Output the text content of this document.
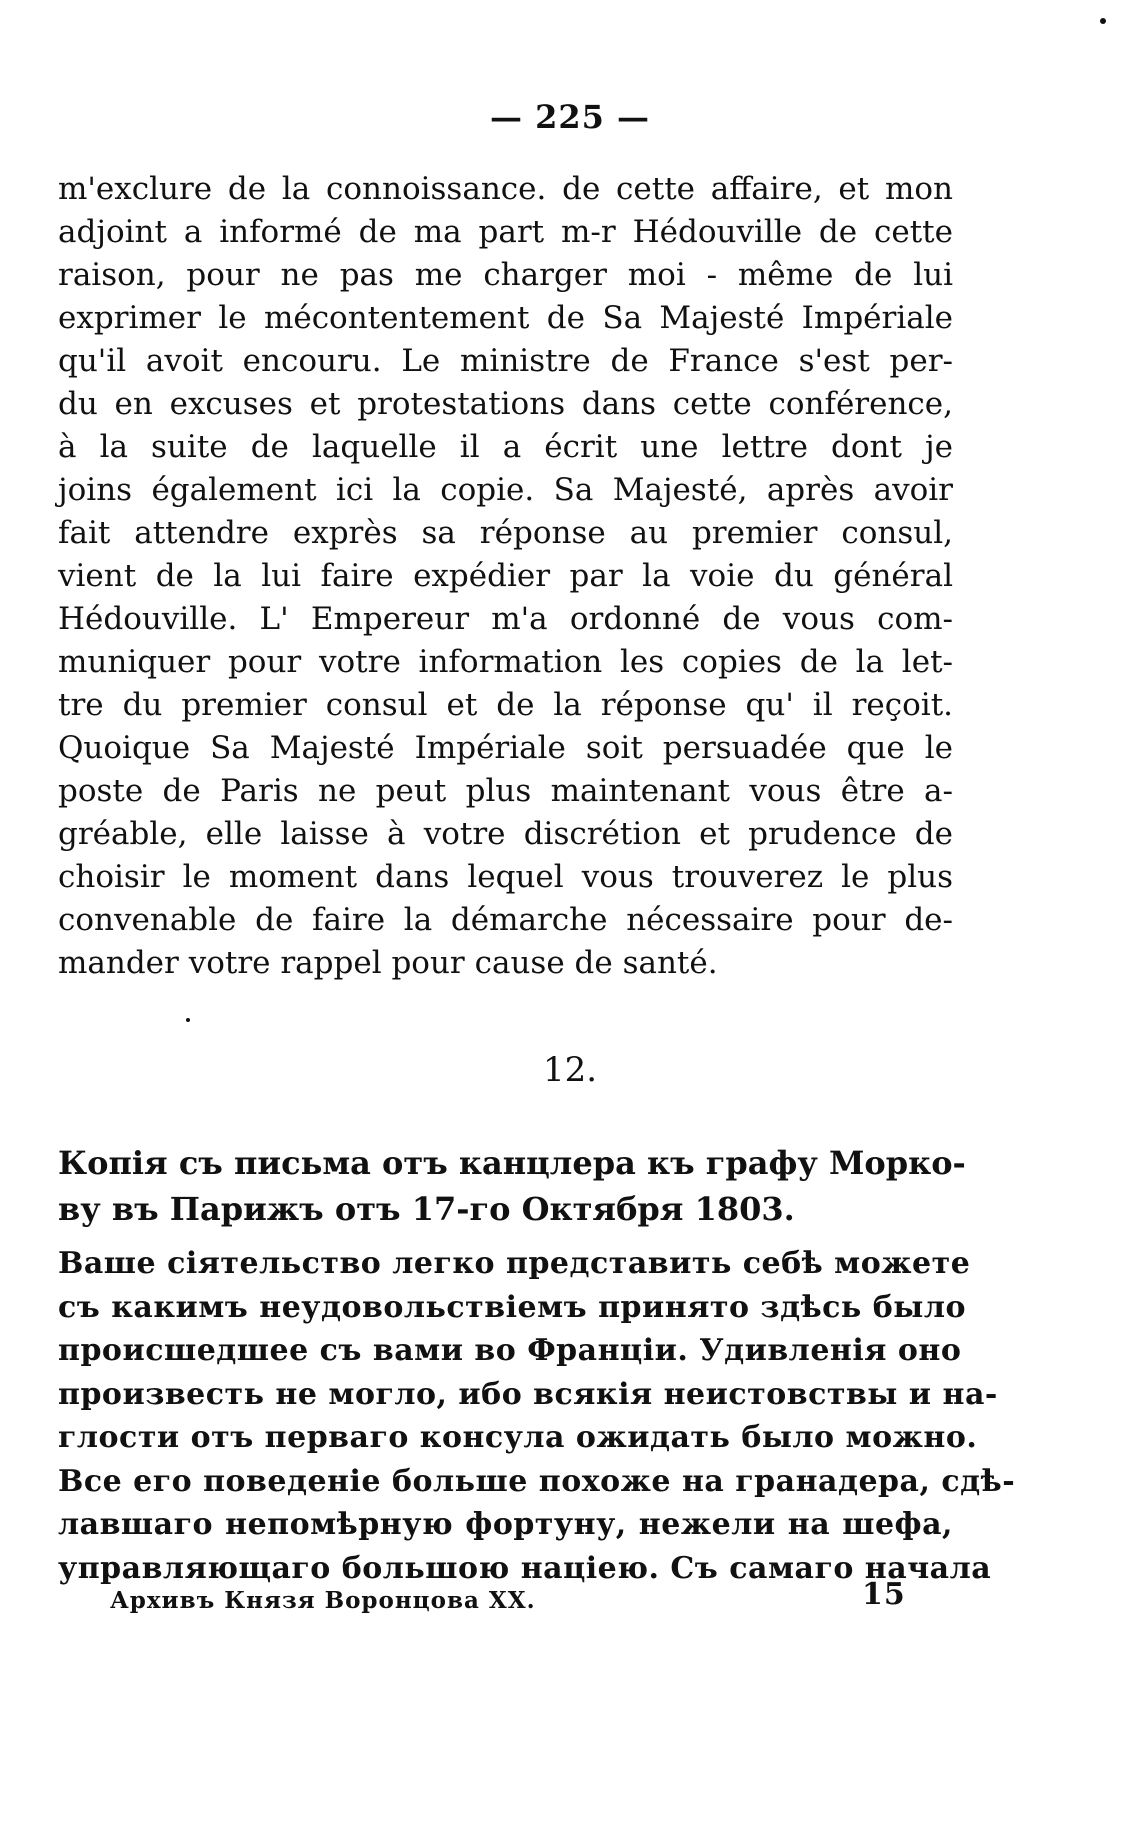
— 225 —
m'exclure de la connoissance. de cette affaire, et mon
adjoint a informé de ma part m-r Hédouville de cette
raison, pour ne pas me charger moi - même de lui
exprimer le mécontentement de Sa Majesté Impériale
qu'il avoit encouru. Le ministre de France s'est per-
du en excuses et protestations dans cette conférence,
à la suite de laquelle il a écrit une lettre dont je
joins également ici la copie. Sa Majesté, après avoir
fait attendre exprès sa réponse au premier consul,
vient de la lui faire expédier par la voie du général
Hédouville. L' Empereur m'a ordonné de vous com-
muniquer pour votre information les copies de la let-
tre du premier consul et de la réponse qu' il reçoit.
Quoique Sa Majesté Impériale soit persuadée que le
poste de Paris ne peut plus maintenant vous être a-
gréable, elle laisse à votre discrétion et prudence de
choisir le moment dans lequel vous trouverez le plus
convenable de faire la démarche nécessaire pour de-
mander votre rappel pour cause de santé.
12.
Копія съ письма отъ канцлера къ графу Морко-
ву въ Парижъ отъ 17-го Октября 1803.
Ваше сіятельство легко представить себѣ можете
съ какимъ неудовольствіемъ принято здѣсь было
происшедшее съ вами во Франціи. Удивленія оно
произвесть не могло, ибо всякія неистовствы и на-
глости отъ перваго консула ожидать было можно.
Все его поведеніе больше похоже на гранадера, сдѣ-
лавшаго непомѣрную фортуну, нежели на шефа,
управляющаго большою націею. Съ самаго начала
Архивъ Князя Воронцова XX.	15
